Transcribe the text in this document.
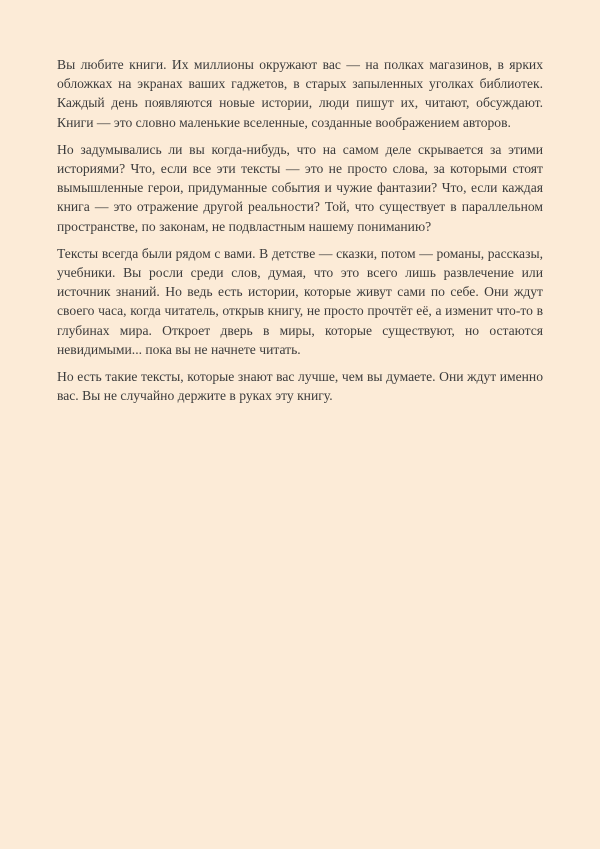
Вы любите книги. Их миллионы окружают вас — на полках магазинов, в ярких обложках на экранах ваших гаджетов, в старых запыленных уголках библиотек. Каждый день появляются новые истории, люди пишут их, читают, обсуждают. Книги — это словно маленькие вселенные, созданные воображением авторов.

Но задумывались ли вы когда-нибудь, что на самом деле скрывается за этими историями? Что, если все эти тексты — это не просто слова, за которыми стоят вымышленные герои, придуманные события и чужие фантазии? Что, если каждая книга — это отражение другой реальности? Той, что существует в параллельном пространстве, по законам, не подвластным нашему пониманию?

Тексты всегда были рядом с вами. В детстве — сказки, потом — романы, рассказы, учебники. Вы росли среди слов, думая, что это всего лишь развлечение или источник знаний. Но ведь есть истории, которые живут сами по себе. Они ждут своего часа, когда читатель, открыв книгу, не просто прочтёт её, а изменит что-то в глубинах мира. Откроет дверь в миры, которые существуют, но остаются невидимыми... пока вы не начнете читать.

Но есть такие тексты, которые знают вас лучше, чем вы думаете. Они ждут именно вас. Вы не случайно держите в руках эту книгу.
